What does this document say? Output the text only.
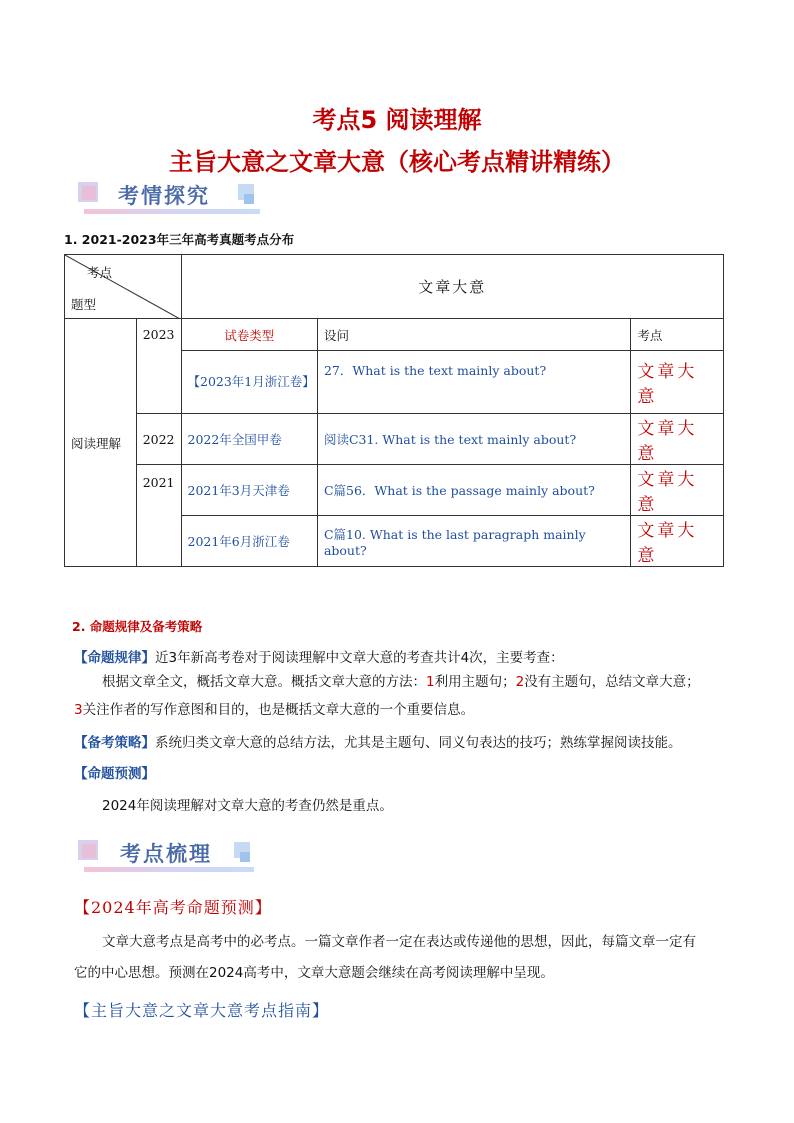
考点5 阅读理解
主旨大意之文章大意（核心考点精讲精练）
考情探究
1. 2021-2023年三年高考真题考点分布
考点
题型		文章大意		
阅读理解	2023	试卷类型	设问	考点
		【2023年1月浙江卷】	27．What is the text mainly about?	文章大意
	2022	2022年全国甲卷	阅读C31. What is the text mainly about?	文章大意
	2021	2021年3月天津卷	C篇56．What is the passage mainly about?	文章大意
		2021年6月浙江卷	C篇10. What is the last paragraph mainly about?	文章大意
2. 命题规律及备考策略
【命题规律】近3年新高考卷对于阅读理解中文章大意的考查共计4次，主要考查：
根据文章全文，概括文章大意。概括文章大意的方法：1利用主题句；2没有主题句，总结文章大意；
3关注作者的写作意图和目的，也是概括文章大意的一个重要信息。
【备考策略】系统归类文章大意的总结方法，尤其是主题句、同义句表达的技巧；熟练掌握阅读技能。
【命题预测】
2024年阅读理解对文章大意的考查仍然是重点。
考点梳理
【2024年高考命题预测】
文章大意考点是高考中的必考点。一篇文章作者一定在表达或传递他的思想，因此，每篇文章一定有
它的中心思想。预测在2024高考中，文章大意题会继续在高考阅读理解中呈现。
【主旨大意之文章大意考点指南】
